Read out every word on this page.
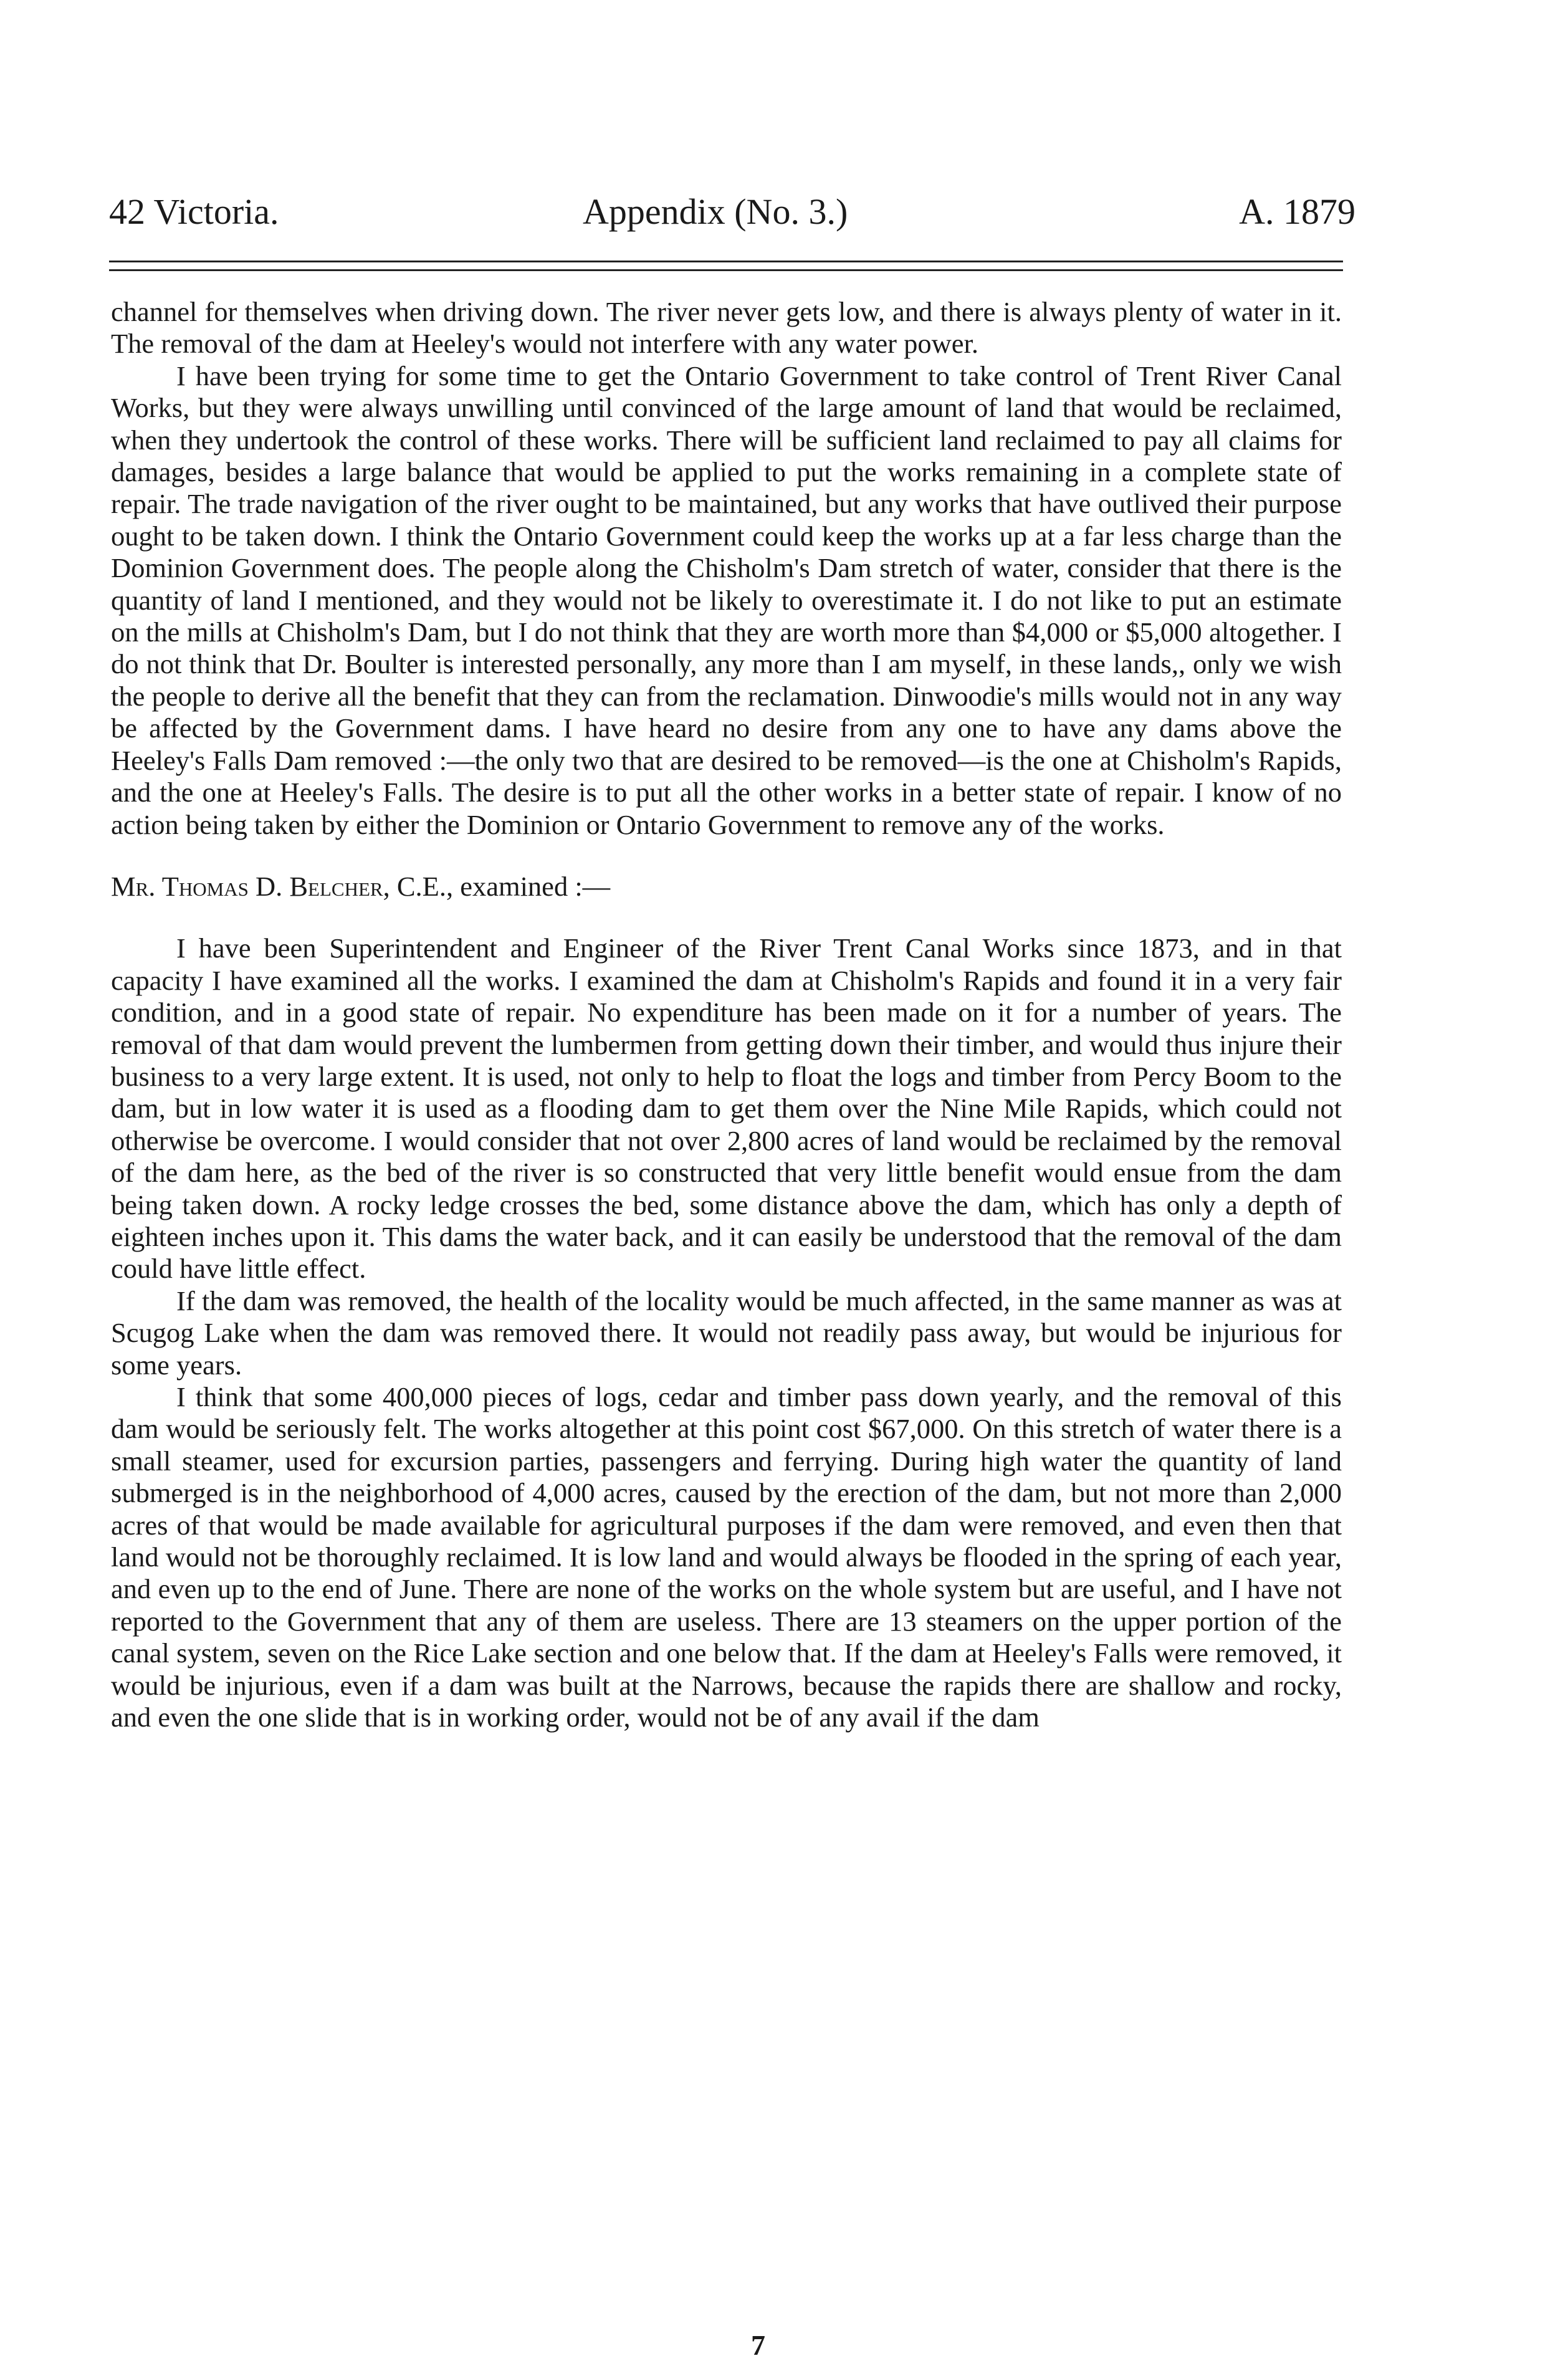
42 Victoria.	Appendix (No. 3.)	A. 1879

channel for themselves when driving down. The river never gets low, and there is always plenty of water in it. The removal of the dam at Heeley's would not interfere with any water power.

I have been trying for some time to get the Ontario Government to take control of Trent River Canal Works, but they were always unwilling until convinced of the large amount of land that would be reclaimed, when they undertook the control of these works. There will be sufficient land reclaimed to pay all claims for damages, besides a large balance that would be applied to put the works remaining in a complete state of repair. The trade navigation of the river ought to be maintained, but any works that have outlived their purpose ought to be taken down. I think the Ontario Government could keep the works up at a far less charge than the Dominion Government does. The people along the Chisholm's Dam stretch of water, consider that there is the quantity of land I mentioned, and they would not be likely to overestimate it. I do not like to put an estimate on the mills at Chisholm's Dam, but I do not think that they are worth more than $4,000 or $5,000 altogether. I do not think that Dr. Boulter is interested personally, any more than I am myself, in these lands,, only we wish the people to derive all the benefit that they can from the reclamation. Dinwoodie's mills would not in any way be affected by the Government dams. I have heard no desire from any one to have any dams above the Heeley's Falls Dam removed :—the only two that are desired to be removed—is the one at Chisholm's Rapids, and the one at Heeley's Falls. The desire is to put all the other works in a better state of repair. I know of no action being taken by either the Dominion or Ontario Government to remove any of the works.

Mr. Thomas D. Belcher, C.E., examined :—

I have been Superintendent and Engineer of the River Trent Canal Works since 1873, and in that capacity I have examined all the works. I examined the dam at Chisholm's Rapids and found it in a very fair condition, and in a good state of repair. No expenditure has been made on it for a number of years. The removal of that dam would prevent the lumbermen from getting down their timber, and would thus injure their business to a very large extent. It is used, not only to help to float the logs and timber from Percy Boom to the dam, but in low water it is used as a flooding dam to get them over the Nine Mile Rapids, which could not otherwise be overcome. I would consider that not over 2,800 acres of land would be reclaimed by the removal of the dam here, as the bed of the river is so constructed that very little benefit would ensue from the dam being taken down. A rocky ledge crosses the bed, some distance above the dam, which has only a depth of eighteen inches upon it. This dams the water back, and it can easily be understood that the removal of the dam could have little effect.

If the dam was removed, the health of the locality would be much affected, in the same manner as was at Scugog Lake when the dam was removed there. It would not readily pass away, but would be injurious for some years.

I think that some 400,000 pieces of logs, cedar and timber pass down yearly, and the removal of this dam would be seriously felt. The works altogether at this point cost $67,000. On this stretch of water there is a small steamer, used for excursion parties, passengers and ferrying. During high water the quantity of land submerged is in the neighborhood of 4,000 acres, caused by the erection of the dam, but not more than 2,000 acres of that would be made available for agricultural purposes if the dam were removed, and even then that land would not be thoroughly reclaimed. It is low land and would always be flooded in the spring of each year, and even up to the end of June. There are none of the works on the whole system but are useful, and I have not reported to the Government that any of them are useless. There are 13 steamers on the upper portion of the canal system, seven on the Rice Lake section and one below that. If the dam at Heeley's Falls were removed, it would be injurious, even if a dam was built at the Narrows, because the rapids there are shallow and rocky, and even the one slide that is in working order, would not be of any avail if the dam

7
